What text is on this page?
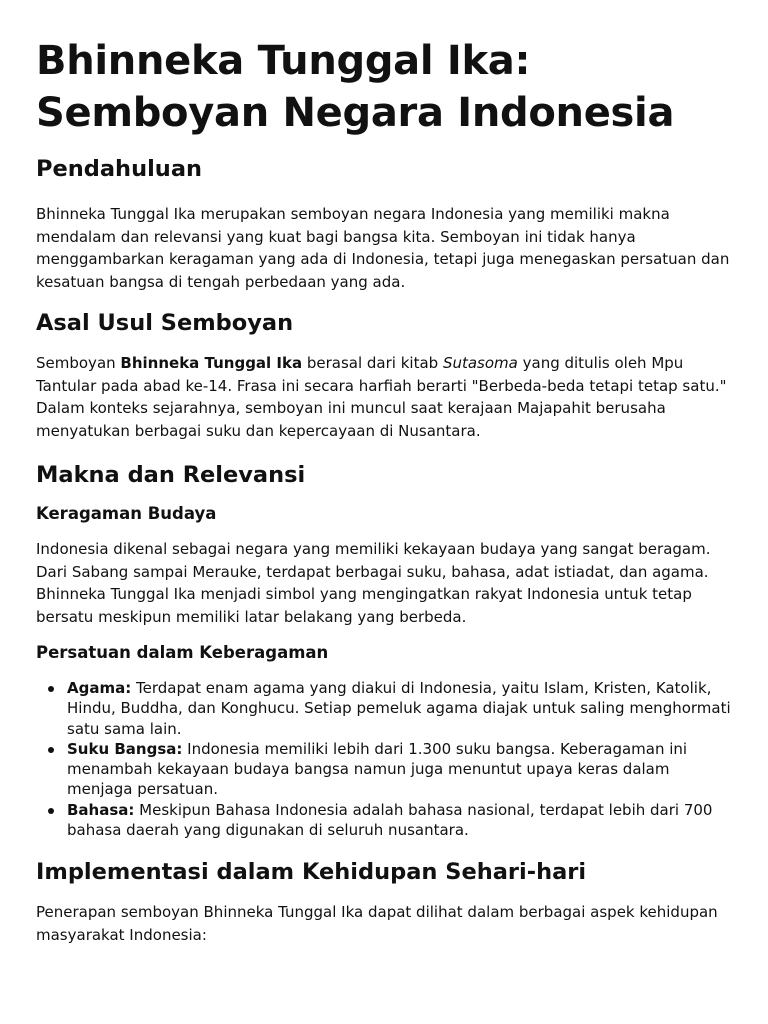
Bhinneka Tunggal Ika: Semboyan Negara Indonesia
Pendahuluan

Bhinneka Tunggal Ika merupakan semboyan negara Indonesia yang memiliki makna mendalam dan relevansi yang kuat bagi bangsa kita. Semboyan ini tidak hanya menggambarkan keragaman yang ada di Indonesia, tetapi juga menegaskan persatuan dan kesatuan bangsa di tengah perbedaan yang ada.

Asal Usul Semboyan

Semboyan Bhinneka Tunggal Ika berasal dari kitab Sutasoma yang ditulis oleh Mpu Tantular pada abad ke-14. Frasa ini secara harfiah berarti "Berbeda-beda tetapi tetap satu." Dalam konteks sejarahnya, semboyan ini muncul saat kerajaan Majapahit berusaha menyatukan berbagai suku dan kepercayaan di Nusantara.

Makna dan Relevansi
Keragaman Budaya

Indonesia dikenal sebagai negara yang memiliki kekayaan budaya yang sangat beragam. Dari Sabang sampai Merauke, terdapat berbagai suku, bahasa, adat istiadat, dan agama. Bhinneka Tunggal Ika menjadi simbol yang mengingatkan rakyat Indonesia untuk tetap bersatu meskipun memiliki latar belakang yang berbeda.

Persatuan dalam Keberagaman
Agama: Terdapat enam agama yang diakui di Indonesia, yaitu Islam, Kristen, Katolik, Hindu, Buddha, dan Konghucu. Setiap pemeluk agama diajak untuk saling menghormati satu sama lain.
Suku Bangsa: Indonesia memiliki lebih dari 1.300 suku bangsa. Keberagaman ini menambah kekayaan budaya bangsa namun juga menuntut upaya keras dalam menjaga persatuan.
Bahasa: Meskipun Bahasa Indonesia adalah bahasa nasional, terdapat lebih dari 700 bahasa daerah yang digunakan di seluruh nusantara.
Implementasi dalam Kehidupan Sehari-hari

Penerapan semboyan Bhinneka Tunggal Ika dapat dilihat dalam berbagai aspek kehidupan masyarakat Indonesia:
